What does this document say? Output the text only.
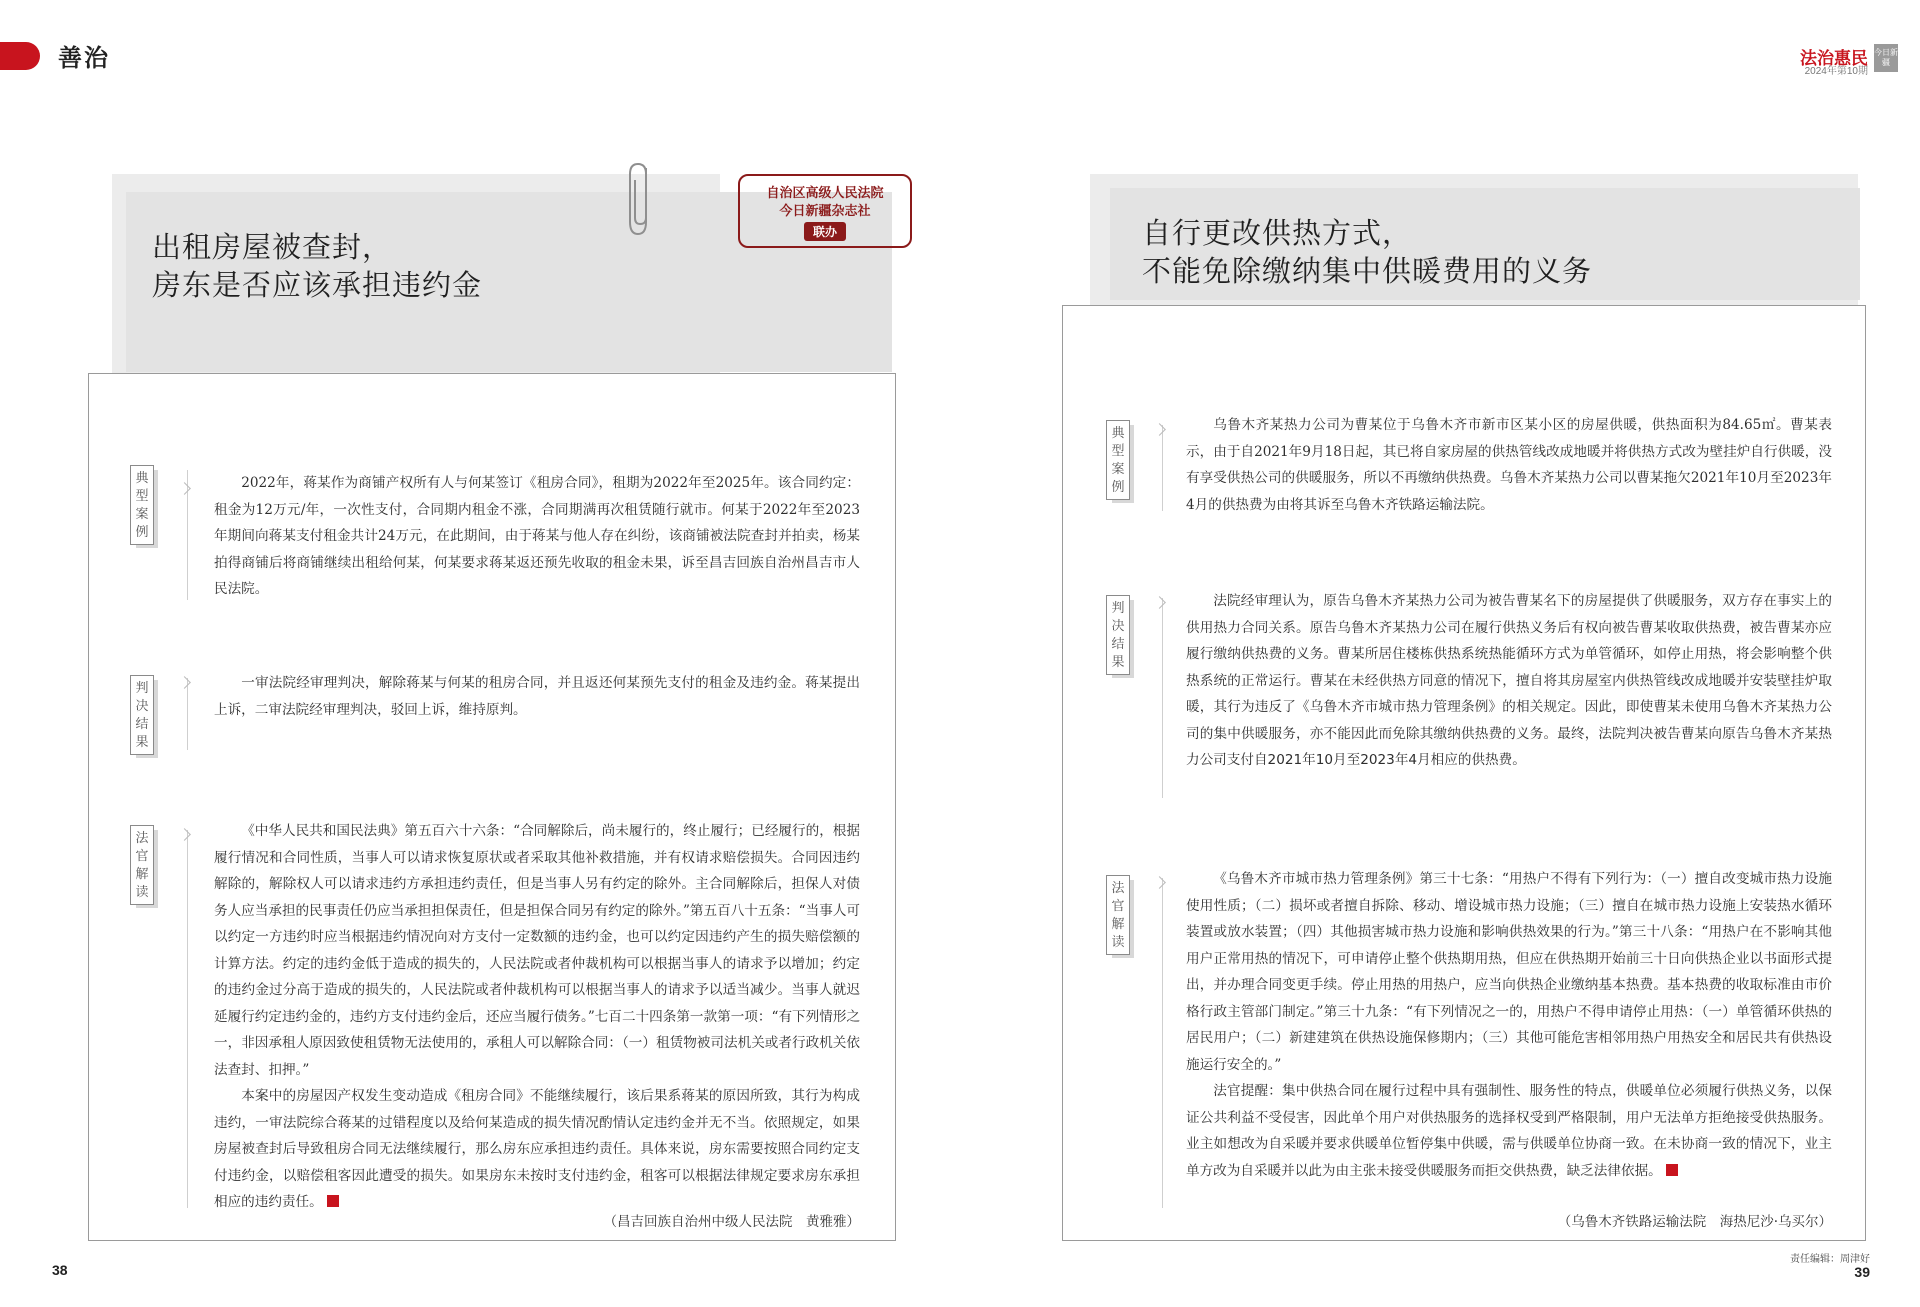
善治	法治惠民
2024年第10期
今日新疆
出租房屋被查封，
房东是否应该承担违约金
自治区高级人民法院
今日新疆杂志社
联办
典型案例
判决结果
法官解读

2022年，蒋某作为商铺产权所有人与何某签订《租房合同》，租期为2022年至2025年。该合同约定：租金为12万元/年，一次性支付，合同期内租金不涨，合同期满再次租赁随行就市。何某于2022年至2023年期间向蒋某支付租金共计24万元，在此期间，由于蒋某与他人存在纠纷，该商铺被法院查封并拍卖，杨某拍得商铺后将商铺继续出租给何某，何某要求蒋某返还预先收取的租金未果，诉至昌吉回族自治州昌吉市人民法院。

一审法院经审理判决，解除蒋某与何某的租房合同，并且返还何某预先支付的租金及违约金。蒋某提出上诉，二审法院经审理判决，驳回上诉，维持原判。

《中华人民共和国民法典》第五百六十六条：“合同解除后，尚未履行的，终止履行；已经履行的，根据履行情况和合同性质，当事人可以请求恢复原状或者采取其他补救措施，并有权请求赔偿损失。合同因违约解除的，解除权人可以请求违约方承担违约责任，但是当事人另有约定的除外。主合同解除后，担保人对债务人应当承担的民事责任仍应当承担担保责任，但是担保合同另有约定的除外。”第五百八十五条：“当事人可以约定一方违约时应当根据违约情况向对方支付一定数额的违约金，也可以约定因违约产生的损失赔偿额的计算方法。约定的违约金低于造成的损失的，人民法院或者仲裁机构可以根据当事人的请求予以增加；约定的违约金过分高于造成的损失的，人民法院或者仲裁机构可以根据当事人的请求予以适当减少。当事人就迟延履行约定违约金的，违约方支付违约金后，还应当履行债务。”七百二十四条第一款第一项：“有下列情形之一，非因承租人原因致使租赁物无法使用的，承租人可以解除合同：（一）租赁物被司法机关或者行政机关依法查封、扣押。”

本案中的房屋因产权发生变动造成《租房合同》不能继续履行，该后果系蒋某的原因所致，其行为构成违约，一审法院综合蒋某的过错程度以及给何某造成的损失情况酌情认定违约金并无不当。依照规定，如果房屋被查封后导致租房合同无法继续履行，那么房东应承担违约责任。具体来说，房东需要按照合同约定支付违约金，以赔偿租客因此遭受的损失。如果房东未按时支付违约金，租客可以根据法律规定要求房东承担相应的违约责任。

（昌吉回族自治州中级人民法院　黄雅雅）
38
自行更改供热方式，
不能免除缴纳集中供暖费用的义务
典型案例
判决结果
法官解读

乌鲁木齐某热力公司为曹某位于乌鲁木齐市新市区某小区的房屋供暖，供热面积为84.65㎡。曹某表示，由于自2021年9月18日起，其已将自家房屋的供热管线改成地暖并将供热方式改为壁挂炉自行供暖，没有享受供热公司的供暖服务，所以不再缴纳供热费。乌鲁木齐某热力公司以曹某拖欠2021年10月至2023年4月的供热费为由将其诉至乌鲁木齐铁路运输法院。

法院经审理认为，原告乌鲁木齐某热力公司为被告曹某名下的房屋提供了供暖服务，双方存在事实上的供用热力合同关系。原告乌鲁木齐某热力公司在履行供热义务后有权向被告曹某收取供热费，被告曹某亦应履行缴纳供热费的义务。曹某所居住楼栋供热系统热能循环方式为单管循环，如停止用热，将会影响整个供热系统的正常运行。曹某在未经供热方同意的情况下，擅自将其房屋室内供热管线改成地暖并安装壁挂炉取暖，其行为违反了《乌鲁木齐市城市热力管理条例》的相关规定。因此，即使曹某未使用乌鲁木齐某热力公司的集中供暖服务，亦不能因此而免除其缴纳供热费的义务。最终，法院判决被告曹某向原告乌鲁木齐某热力公司支付自2021年10月至2023年4月相应的供热费。

《乌鲁木齐市城市热力管理条例》第三十七条：“用热户不得有下列行为：（一）擅自改变城市热力设施使用性质；（二）损坏或者擅自拆除、移动、增设城市热力设施；（三）擅自在城市热力设施上安装热水循环装置或放水装置；（四）其他损害城市热力设施和影响供热效果的行为。”第三十八条：“用热户在不影响其他用户正常用热的情况下，可申请停止整个供热期用热，但应在供热期开始前三十日向供热企业以书面形式提出，并办理合同变更手续。停止用热的用热户，应当向供热企业缴纳基本热费。基本热费的收取标准由市价格行政主管部门制定。”第三十九条：“有下列情况之一的，用热户不得申请停止用热：（一）单管循环供热的居民用户；（二）新建建筑在供热设施保修期内；（三）其他可能危害相邻用热户用热安全和居民共有供热设施运行安全的。”

法官提醒：集中供热合同在履行过程中具有强制性、服务性的特点，供暖单位必须履行供热义务，以保证公共利益不受侵害，因此单个用户对供热服务的选择权受到严格限制，用户无法单方拒绝接受供热服务。业主如想改为自采暖并要求供暖单位暂停集中供暖，需与供暖单位协商一致。在未协商一致的情况下，业主单方改为自采暖并以此为由主张未接受供暖服务而拒交供热费，缺乏法律依据。

（乌鲁木齐铁路运输法院　海热尼沙·乌买尔）
责任编辑：周津好
39
